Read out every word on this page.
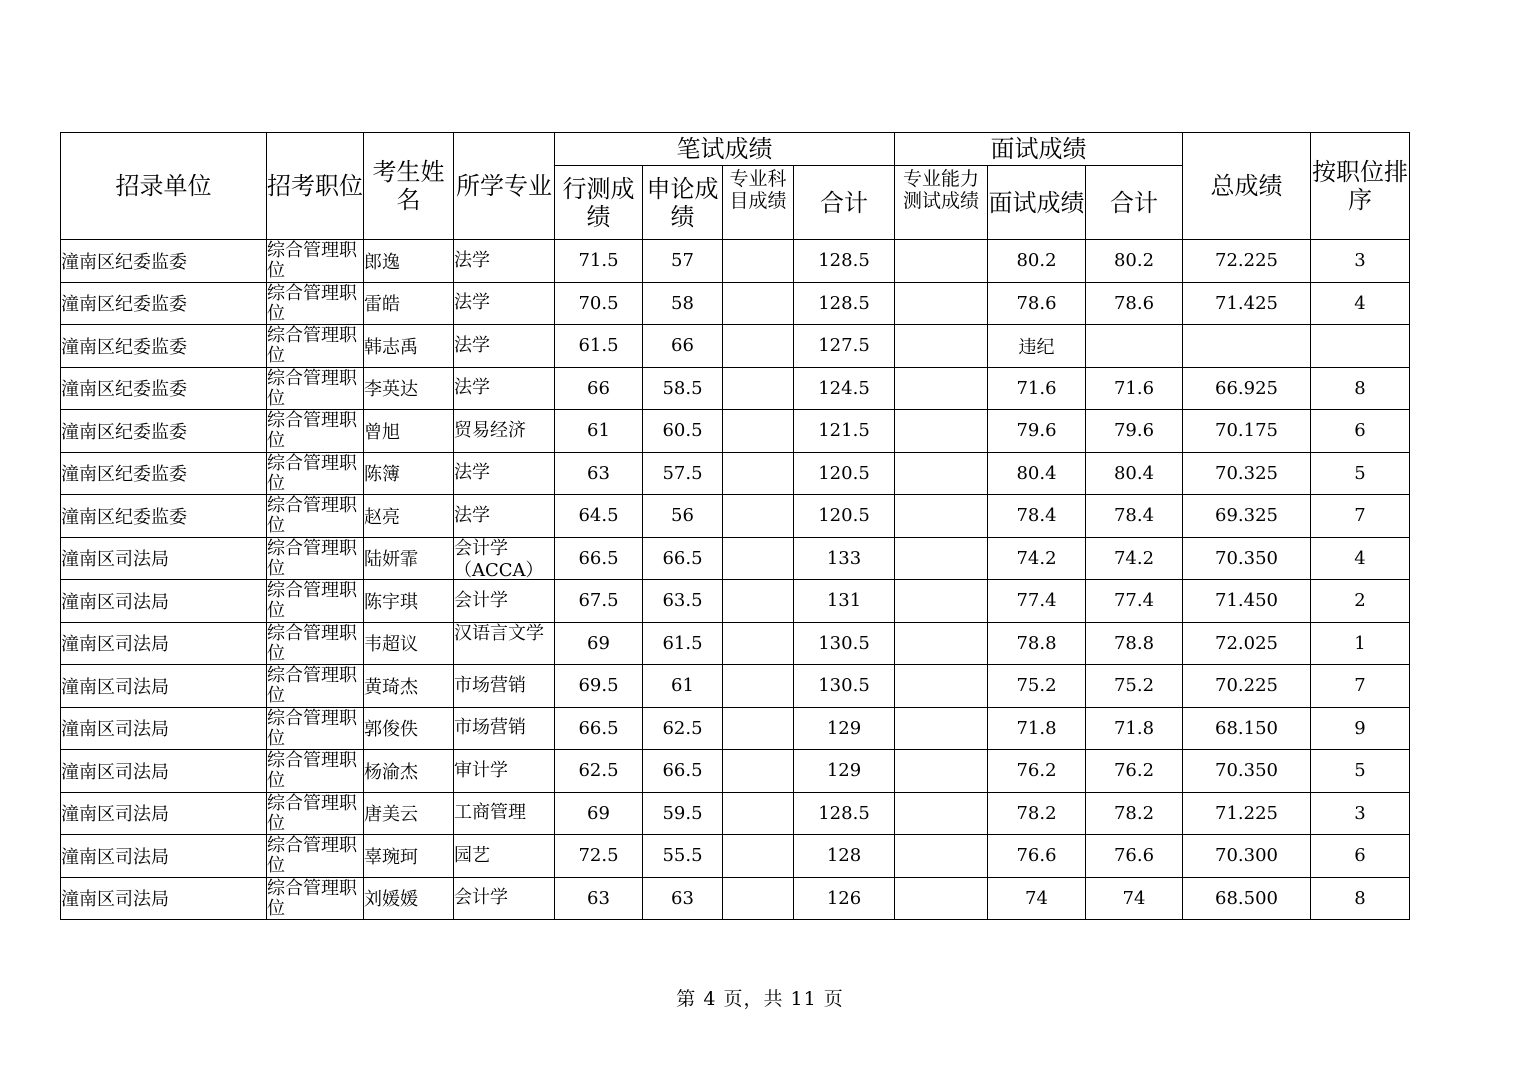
招录单位	招考职位	考生姓名	所学专业	笔试成绩				面试成绩			总成绩	按职位排序
				行测成绩	申论成绩	专业科目成绩	合计	专业能力测试成绩	面试成绩	合计		
潼南区纪委监委	综合管理职位	郎逸	法学	71.5	57		128.5		80.2	80.2	72.225	3
潼南区纪委监委	综合管理职位	雷皓	法学	70.5	58		128.5		78.6	78.6	71.425	4
潼南区纪委监委	综合管理职位	韩志禹	法学	61.5	66		127.5		违纪			
潼南区纪委监委	综合管理职位	李英达	法学	66	58.5		124.5		71.6	71.6	66.925	8
潼南区纪委监委	综合管理职位	曾旭	贸易经济	61	60.5		121.5		79.6	79.6	70.175	6
潼南区纪委监委	综合管理职位	陈簿	法学	63	57.5		120.5		80.4	80.4	70.325	5
潼南区纪委监委	综合管理职位	赵亮	法学	64.5	56		120.5		78.4	78.4	69.325	7
潼南区司法局	综合管理职位	陆妍霏	会计学（ACCA）	66.5	66.5		133		74.2	74.2	70.350	4
潼南区司法局	综合管理职位	陈宇琪	会计学	67.5	63.5		131		77.4	77.4	71.450	2
潼南区司法局	综合管理职位	韦超议	汉语言文学	69	61.5		130.5		78.8	78.8	72.025	1
潼南区司法局	综合管理职位	黄琦杰	市场营销	69.5	61		130.5		75.2	75.2	70.225	7
潼南区司法局	综合管理职位	郭俊佚	市场营销	66.5	62.5		129		71.8	71.8	68.150	9
潼南区司法局	综合管理职位	杨渝杰	审计学	62.5	66.5		129		76.2	76.2	70.350	5
潼南区司法局	综合管理职位	唐美云	工商管理	69	59.5		128.5		78.2	78.2	71.225	3
潼南区司法局	综合管理职位	辜琬珂	园艺	72.5	55.5		128		76.6	76.6	70.300	6
潼南区司法局	综合管理职位	刘媛媛	会计学	63	63		126		74	74	68.500	8
第 4 页，共 11 页
